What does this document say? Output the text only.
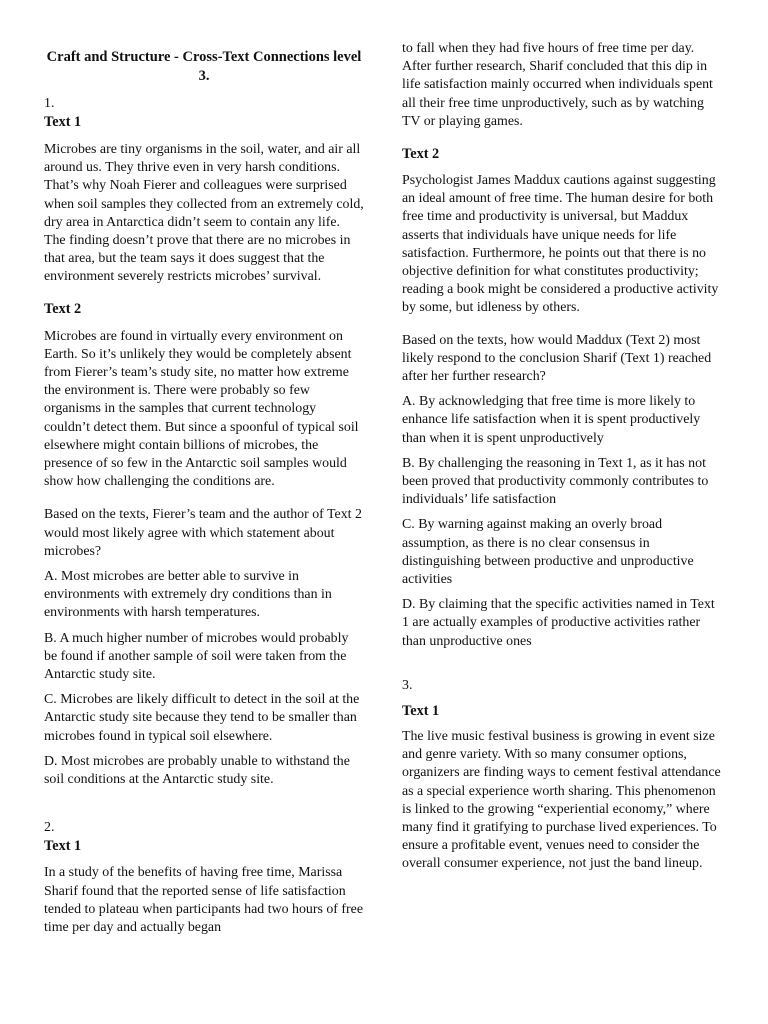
Craft and Structure - Cross-Text Connections level 3.
1.
Text 1

Microbes are tiny organisms in the soil, water, and air all around us. They thrive even in very harsh conditions. That’s why Noah Fierer and colleagues were surprised when soil samples they collected from an extremely cold, dry area in Antarctica didn’t seem to contain any life. The finding doesn’t prove that there are no microbes in that area, but the team says it does suggest that the environment severely restricts microbes’ survival.

Text 2

Microbes are found in virtually every environment on Earth. So it’s unlikely they would be completely absent from Fierer’s team’s study site, no matter how extreme the environment is. There were probably so few organisms in the samples that current technology couldn’t detect them. But since a spoonful of typical soil elsewhere might contain billions of microbes, the presence of so few in the Antarctic soil samples would show how challenging the conditions are.

Based on the texts, Fierer’s team and the author of Text 2 would most likely agree with which statement about microbes?

A. Most microbes are better able to survive in environments with extremely dry conditions than in environments with harsh temperatures.

B. A much higher number of microbes would probably be found if another sample of soil were taken from the Antarctic study site.

C. Microbes are likely difficult to detect in the soil at the Antarctic study site because they tend to be smaller than microbes found in typical soil elsewhere.

D. Most microbes are probably unable to withstand the soil conditions at the Antarctic study site.

2.
Text 1

In a study of the benefits of having free time, Marissa Sharif found that the reported sense of life satisfaction tended to plateau when participants had two hours of free time per day and actually began

to fall when they had five hours of free time per day. After further research, Sharif concluded that this dip in life satisfaction mainly occurred when individuals spent all their free time unproductively, such as by watching TV or playing games.

Text 2

Psychologist James Maddux cautions against suggesting an ideal amount of free time. The human desire for both free time and productivity is universal, but Maddux asserts that individuals have unique needs for life satisfaction. Furthermore, he points out that there is no objective definition for what constitutes productivity; reading a book might be considered a productive activity by some, but idleness by others.

Based on the texts, how would Maddux (Text 2) most likely respond to the conclusion Sharif (Text 1) reached after her further research?

A. By acknowledging that free time is more likely to enhance life satisfaction when it is spent productively than when it is spent unproductively

B. By challenging the reasoning in Text 1, as it has not been proved that productivity commonly contributes to individuals’ life satisfaction

C. By warning against making an overly broad assumption, as there is no clear consensus in distinguishing between productive and unproductive activities

D. By claiming that the specific activities named in Text 1 are actually examples of productive activities rather than unproductive ones

3.
Text 1

The live music festival business is growing in event size and genre variety. With so many consumer options, organizers are finding ways to cement festival attendance as a special experience worth sharing. This phenomenon is linked to the growing “experiential economy,” where many find it gratifying to purchase lived experiences. To ensure a profitable event, venues need to consider the overall consumer experience, not just the band lineup.
